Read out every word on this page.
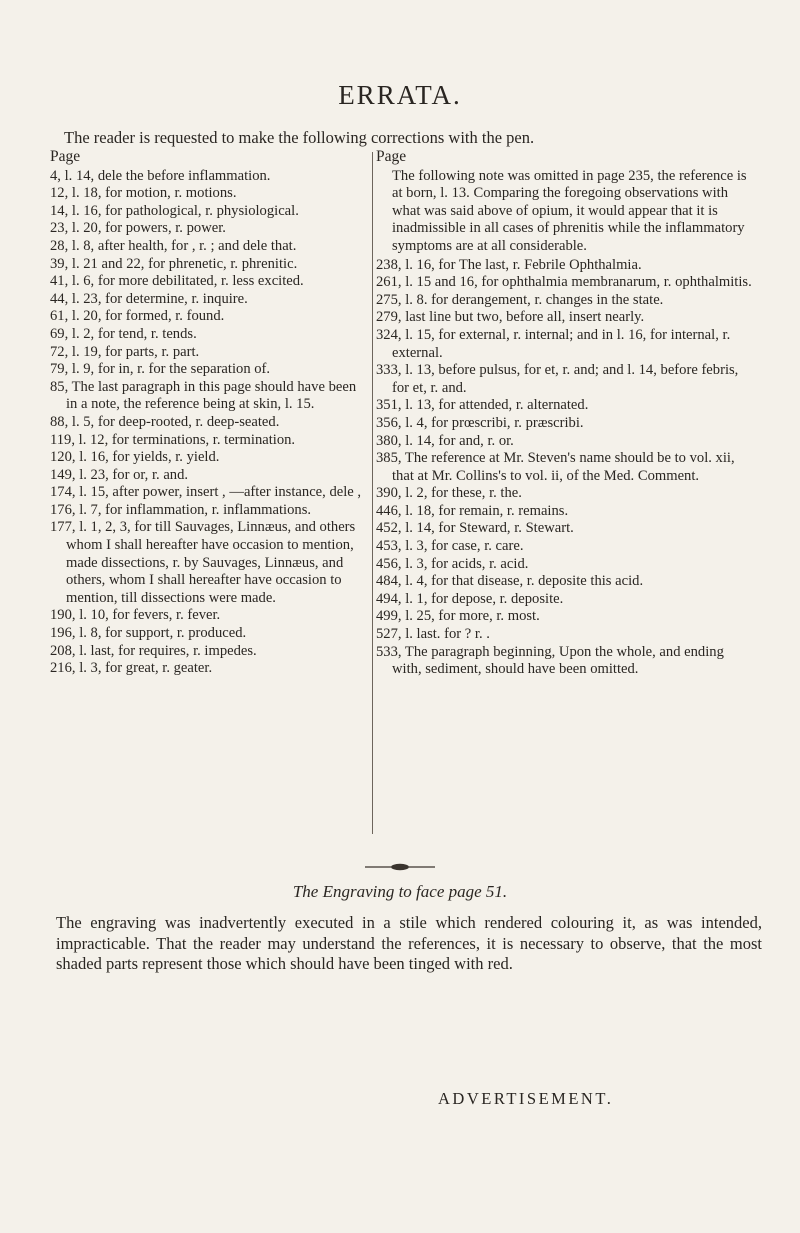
ERRATA.
The reader is requested to make the following corrections with the pen.
Page

4, l. 14, dele the before inflammation.

12, l. 18, for motion, r. motions.

14, l. 16, for pathological, r. physiological.

23, l. 20, for powers, r. power.

28, l. 8, after health, for , r. ; and dele that.

39, l. 21 and 22, for phrenetic, r. phrenitic.

41, l. 6, for more debilitated, r. less excited.

44, l. 23, for determine, r. inquire.

61, l. 20, for formed, r. found.

69, l. 2, for tend, r. tends.

72, l. 19, for parts, r. part.

79, l. 9, for in, r. for the separation of.

85, The last paragraph in this page should have been in a note, the reference being at skin, l. 15.

88, l. 5, for deep-rooted, r. deep-seated.

119, l. 12, for terminations, r. termination.

120, l. 16, for yields, r. yield.

149, l. 23, for or, r. and.

174, l. 15, after power, insert , —after instance, dele ,

176, l. 7, for inflammation, r. inflammations.

177, l. 1, 2, 3, for till Sauvages, Linnæus, and others whom I shall hereafter have occasion to mention, made dissections, r. by Sauvages, Linnæus, and others, whom I shall hereafter have occasion to mention, till dissections were made.

190, l. 10, for fevers, r. fever.

196, l. 8, for support, r. produced.

208, l. last, for requires, r. impedes.

216, l. 3, for great, r. geater.

Page

The following note was omitted in page 235, the reference is at born, l. 13. Comparing the foregoing observations with what was said above of opium, it would appear that it is inadmissible in all cases of phrenitis while the inflammatory symptoms are at all considerable.

238, l. 16, for The last, r. Febrile Ophthalmia.

261, l. 15 and 16, for ophthalmia membranarum, r. ophthalmitis.

275, l. 8. for derangement, r. changes in the state.

279, last line but two, before all, insert nearly.

324, l. 15, for external, r. internal; and in l. 16, for internal, r. external.

333, l. 13, before pulsus, for et, r. and; and l. 14, before febris, for et, r. and.

351, l. 13, for attended, r. alternated.

356, l. 4, for prœscribi, r. præscribi.

380, l. 14, for and, r. or.

385, The reference at Mr. Steven's name should be to vol. xii, that at Mr. Collins's to vol. ii, of the Med. Comment.

390, l. 2, for these, r. the.

446, l. 18, for remain, r. remains.

452, l. 14, for Steward, r. Stewart.

453, l. 3, for case, r. care.

456, l. 3, for acids, r. acid.

484, l. 4, for that disease, r. deposite this acid.

494, l. 1, for depose, r. deposite.

499, l. 25, for more, r. most.

527, l. last. for ? r. .

533, The paragraph beginning, Upon the whole, and ending with, sediment, should have been omitted.

The Engraving to face page 51.
The engraving was inadvertently executed in a stile which rendered colouring it, as was intended, impracticable. That the reader may understand the references, it is necessary to observe, that the most shaded parts represent those which should have been tinged with red.
ADVERTISEMENT.
